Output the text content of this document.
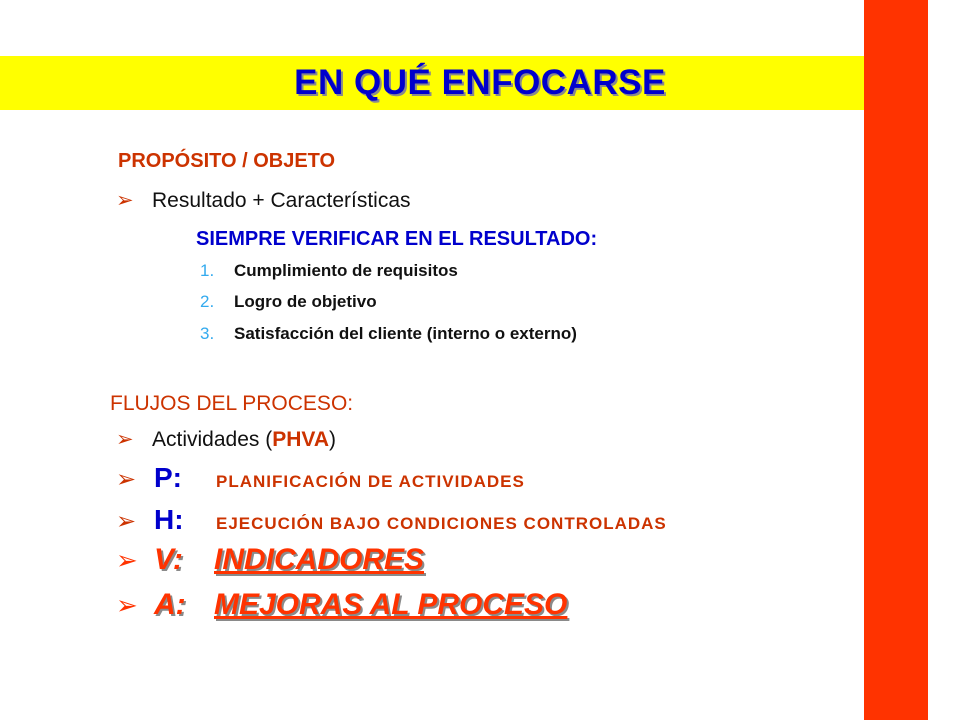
EN QUÉ ENFOCARSE
PROPÓSITO / OBJETO
➢ Resultado + Características
SIEMPRE VERIFICAR EN EL RESULTADO:
1. Cumplimiento de requisitos
2. Logro de objetivo
3. Satisfacción del cliente (interno o externo)
FLUJOS DEL PROCESO:
➢ Actividades (PHVA)
➢ P: PLANIFICACIÓN DE ACTIVIDADES
➢ H: EJECUCIÓN BAJO CONDICIONES CONTROLADAS
➢ V: INDICADORES
➢ A: MEJORAS AL PROCESO
